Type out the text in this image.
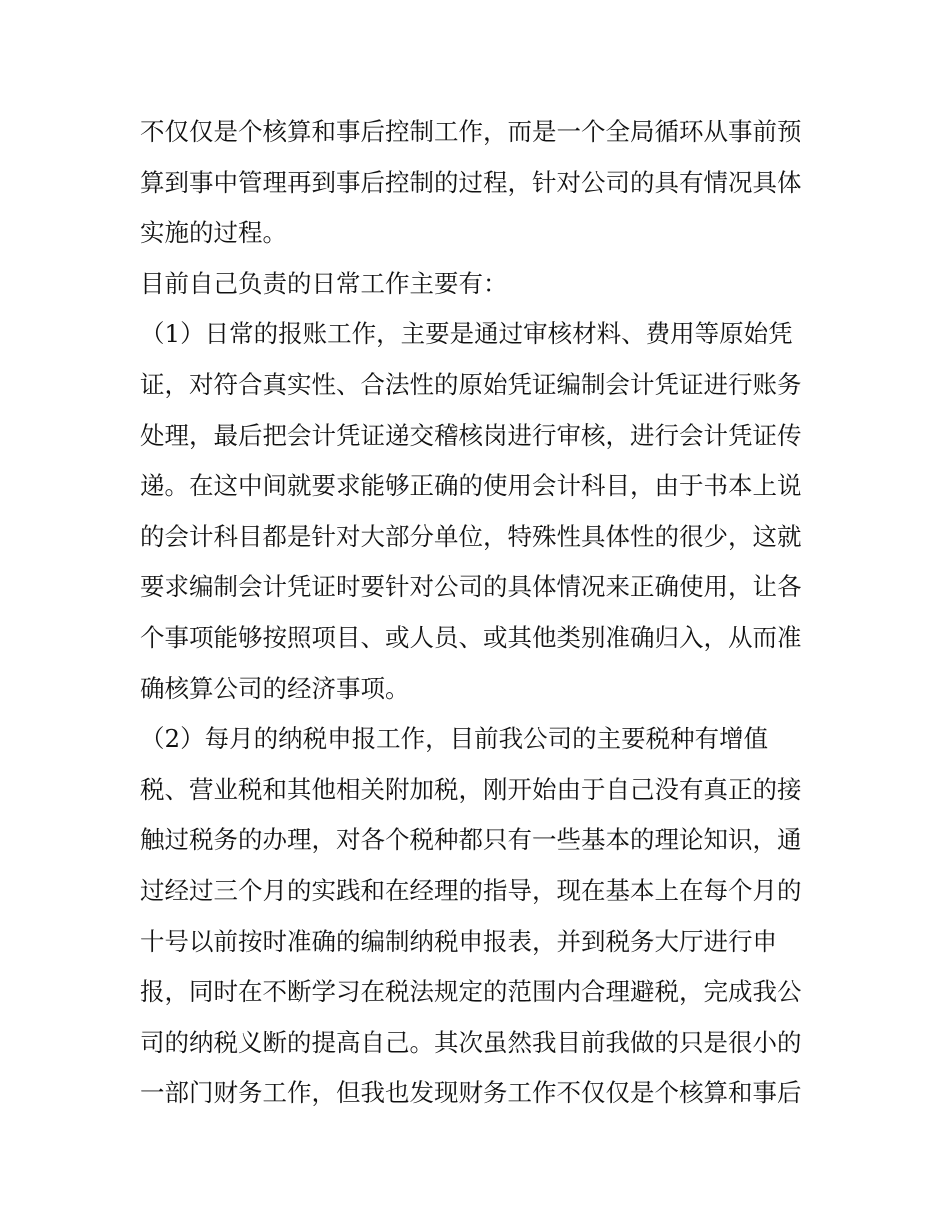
不仅仅是个核算和事后控制工作，而是一个全局循环从事前预
算到事中管理再到事后控制的过程，针对公司的具有情况具体
实施的过程。
目前自己负责的日常工作主要有：
（1）日常的报账工作，主要是通过审核材料、费用等原始凭
证，对符合真实性、合法性的原始凭证编制会计凭证进行账务
处理，最后把会计凭证递交稽核岗进行审核，进行会计凭证传
递。在这中间就要求能够正确的使用会计科目，由于书本上说
的会计科目都是针对大部分单位，特殊性具体性的很少，这就
要求编制会计凭证时要针对公司的具体情况来正确使用，让各
个事项能够按照项目、或人员、或其他类别准确归入，从而准
确核算公司的经济事项。
（2）每月的纳税申报工作，目前我公司的主要税种有增值
税、营业税和其他相关附加税，刚开始由于自己没有真正的接
触过税务的办理，对各个税种都只有一些基本的理论知识，通
过经过三个月的实践和在经理的指导，现在基本上在每个月的
十号以前按时准确的编制纳税申报表，并到税务大厅进行申
报，同时在不断学习在税法规定的范围内合理避税，完成我公
司的纳税义断的提高自己。其次虽然我目前我做的只是很小的
一部门财务工作，但我也发现财务工作不仅仅是个核算和事后
